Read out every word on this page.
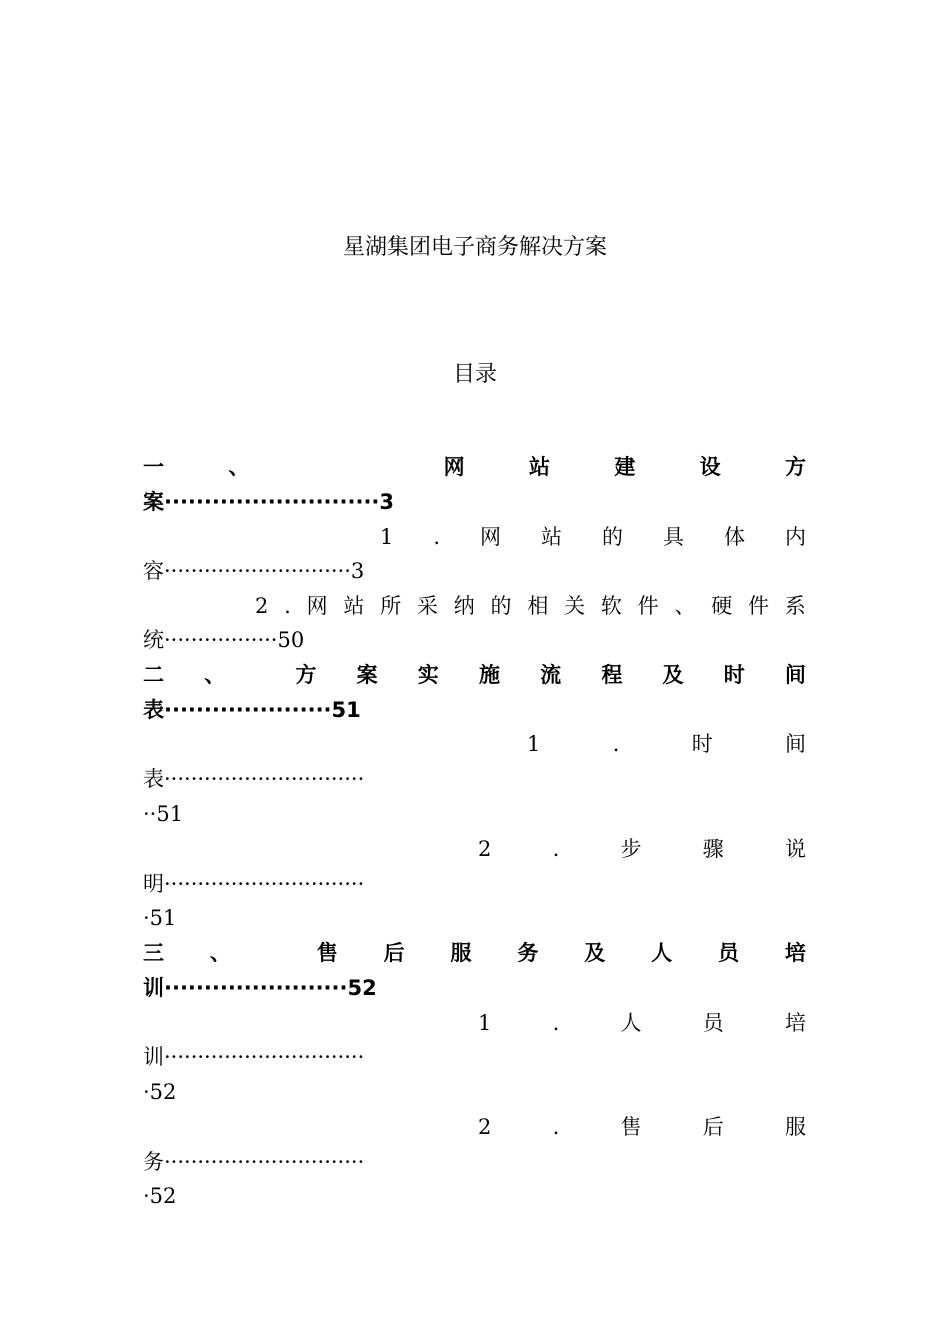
星湖集团电子商务解决方案
目录
一	、	网	站	建	设	方
案···························3
1 . 网 站 的 具 体 内
容····························3
2 . 网 站 所 采 纳 的 相 关 软 件 、 硬 件 系
统·················50
二 、	方 案 实 施 流 程 及 时 间
表·····················51
1	.	时	间
表······························
··51
2	.	步	骤	说
明······························
·51
三 、	售 后 服 务 及 人 员 培
训·······················52
1	.	人	员	培
训······························
·52
2	.	售	后	服
务······························
·52
